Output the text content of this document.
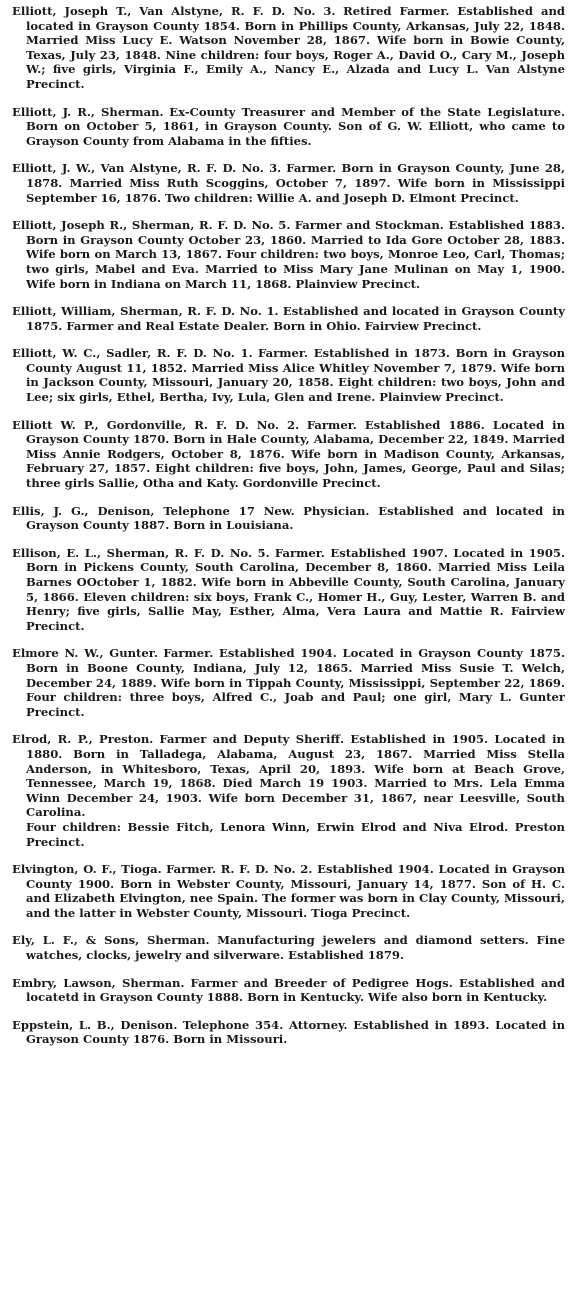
Elliott, Joseph T., Van Alstyne, R. F. D. No. 3. Retired Farmer. Established and located in Grayson County 1854. Born in Phillips County, Arkansas, July 22, 1848. Married Miss Lucy E. Watson November 28, 1867. Wife born in Bowie County, Texas, July 23, 1848. Nine children: four boys, Roger A., David O., Cary M., Joseph W.; five girls, Virginia F., Emily A., Nancy E., Alzada and Lucy L. Van Alstyne Precinct.

Elliott, J. R., Sherman. Ex-County Treasurer and Member of the State Legislature. Born on October 5, 1861, in Grayson County. Son of G. W. Elliott, who came to Grayson County from Alabama in the fifties.

Elliott, J. W., Van Alstyne, R. F. D. No. 3. Farmer. Born in Grayson County, June 28, 1878. Married Miss Ruth Scoggins, October 7, 1897. Wife born in Mississippi September 16, 1876. Two children: Willie A. and Joseph D. Elmont Precinct.

Elliott, Joseph R., Sherman, R. F. D. No. 5. Farmer and Stockman. Established 1883. Born in Grayson County October 23, 1860. Married to Ida Gore October 28, 1883. Wife born on March 13, 1867. Four children: two boys, Monroe Leo, Carl, Thomas; two girls, Mabel and Eva. Married to Miss Mary Jane Mulinan on May 1, 1900. Wife born in Indiana on March 11, 1868. Plainview Precinct.

Elliott, William, Sherman, R. F. D. No. 1. Established and located in Grayson County 1875. Farmer and Real Estate Dealer. Born in Ohio. Fairview Precinct.

Elliott, W. C., Sadler, R. F. D. No. 1. Farmer. Established in 1873. Born in Grayson County August 11, 1852. Married Miss Alice Whitley November 7, 1879. Wife born in Jackson County, Missouri, January 20, 1858. Eight children: two boys, John and Lee; six girls, Ethel, Bertha, Ivy, Lula, Glen and Irene. Plainview Precinct.

Elliott W. P., Gordonville, R. F. D. No. 2. Farmer. Established 1886. Located in Grayson County 1870. Born in Hale County, Alabama, December 22, 1849. Married Miss Annie Rodgers, October 8, 1876. Wife born in Madison County, Arkansas, February 27, 1857. Eight children: five boys, John, James, George, Paul and Silas; three girls Sallie, Otha and Katy. Gordonville Precinct.

Ellis, J. G., Denison, Telephone 17 New. Physician. Established and located in Grayson County 1887. Born in Louisiana.

Ellison, E. L., Sherman, R. F. D. No. 5. Farmer. Established 1907. Located in 1905. Born in Pickens County, South Carolina, December 8, 1860. Married Miss Leila Barnes OOctober 1, 1882. Wife born in Abbeville County, South Carolina, January 5, 1866. Eleven children: six boys, Frank C., Homer H., Guy, Lester, Warren B. and Henry; five girls, Sallie May, Esther, Alma, Vera Laura and Mattie R. Fairview Precinct.

Elmore N. W., Gunter. Farmer. Established 1904. Located in Grayson County 1875. Born in Boone County, Indiana, July 12, 1865. Married Miss Susie T. Welch, December 24, 1889. Wife born in Tippah County, Mississippi, September 22, 1869. Four children: three boys, Alfred C., Joab and Paul; one girl, Mary L. Gunter Precinct.

Elrod, R. P., Preston. Farmer and Deputy Sheriff. Established in 1905. Located in 1880. Born in Talladega, Alabama, August 23, 1867. Married Miss Stella Anderson, in Whitesboro, Texas, April 20, 1893. Wife born at Beach Grove, Tennessee, March 19, 1868. Died March 19 1903. Married to Mrs. Lela Emma Winn December 24, 1903. Wife born December 31, 1867, near Leesville, South Carolina.
Four children: Bessie Fitch, Lenora Winn, Erwin Elrod and Niva Elrod. Preston Precinct.

Elvington, O. F., Tioga. Farmer. R. F. D. No. 2. Established 1904. Located in Grayson County 1900. Born in Webster County, Missouri, January 14, 1877. Son of H. C. and Elizabeth Elvington, nee Spain. The former was born in Clay County, Missouri, and the latter in Webster County, Missouri. Tioga Precinct.

Ely, L. F., & Sons, Sherman. Manufacturing jewelers and diamond setters. Fine watches, clocks, jewelry and silverware. Established 1879.

Embry, Lawson, Sherman. Farmer and Breeder of Pedigree Hogs. Established and locatetd in Grayson County 1888. Born in Kentucky. Wife also born in Kentucky.

Eppstein, L. B., Denison. Telephone 354. Attorney. Established in 1893. Located in Grayson County 1876. Born in Missouri.
